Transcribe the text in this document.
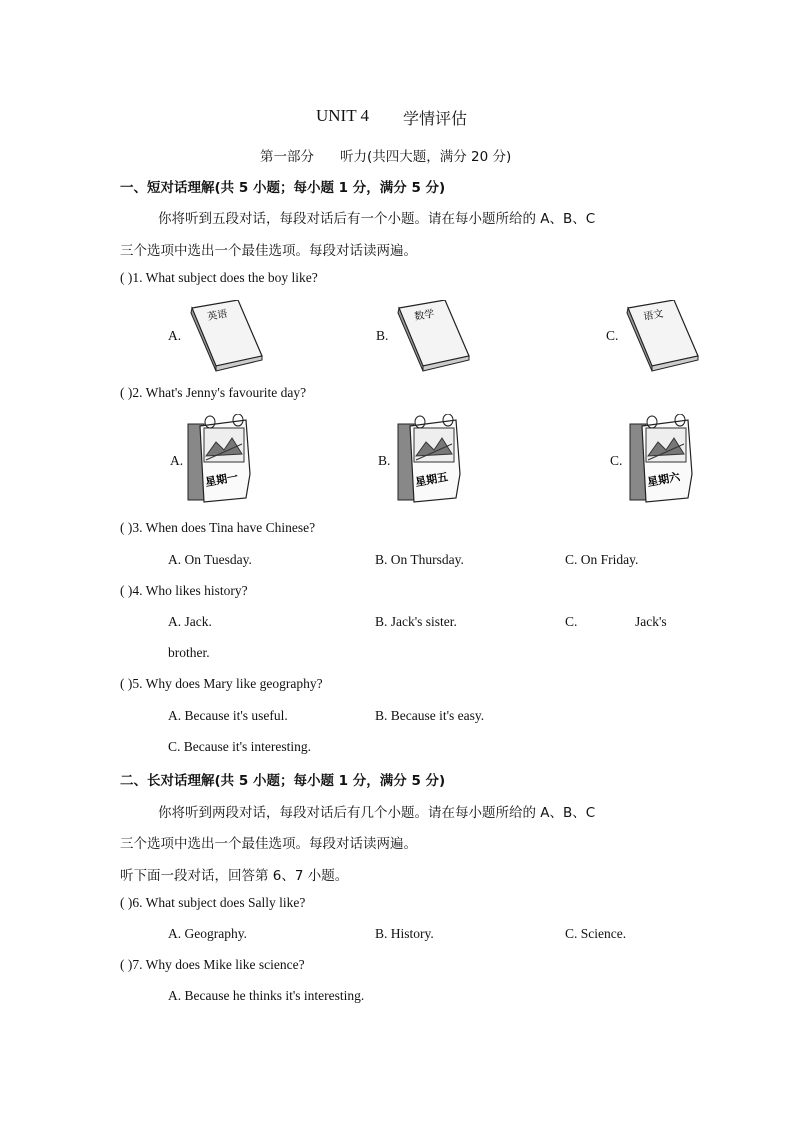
UNIT 4 学情评估
第一部分 听力(共四大题，满分 20 分)
一、短对话理解(共 5 小题；每小题 1 分，满分 5 分)
你将听到五段对话，每段对话后有一个小题。请在每小题所给的 A、B、C
三个选项中选出一个最佳选项。每段对话读两遍。
( )1. What subject does the boy like?
A.
英语
B.
数学
C.
语文
( )2. What's Jenny's favourite day?
A.
星期一
B.
星期五
C.
星期六
( )3. When does Tina have Chinese?
A. On Tuesday.	B. On Thursday.	C. On Friday.
( )4. Who likes history?
A. Jack.	B. Jack's sister.	C.	Jack's
brother.
( )5. Why does Mary like geography?
A. Because it's useful.	B. Because it's easy.
C. Because it's interesting.
二、长对话理解(共 5 小题；每小题 1 分，满分 5 分)
你将听到两段对话，每段对话后有几个小题。请在每小题所给的 A、B、C
三个选项中选出一个最佳选项。每段对话读两遍。
听下面一段对话，回答第 6、7 小题。
( )6. What subject does Sally like?
A. Geography.	B. History.	C. Science.
( )7. Why does Mike like science?
A. Because he thinks it's interesting.
